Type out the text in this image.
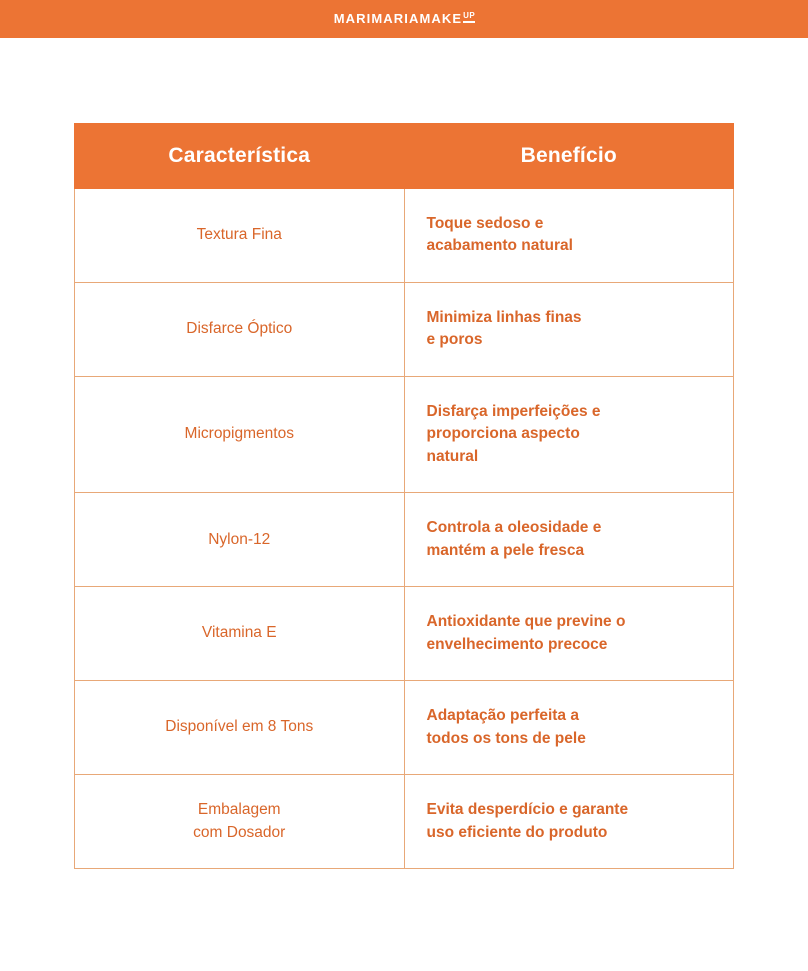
MARIMARIAMAKE UP
Característica	Benefício

Textura Fina	Toque sedoso e
acabamento natural

Disfarce Óptico	Minimiza linhas finas
e poros

Micropigmentos	Disfarça imperfeições e
proporciona aspecto
natural

Nylon-12	Controla a oleosidade e
mantém a pele fresca

Vitamina E	Antioxidante que previne o
envelhecimento precoce

Disponível em 8 Tons	Adaptação perfeita a
todos os tons de pele

Embalagem
com Dosador	Evita desperdício e garante
uso eficiente do produto
